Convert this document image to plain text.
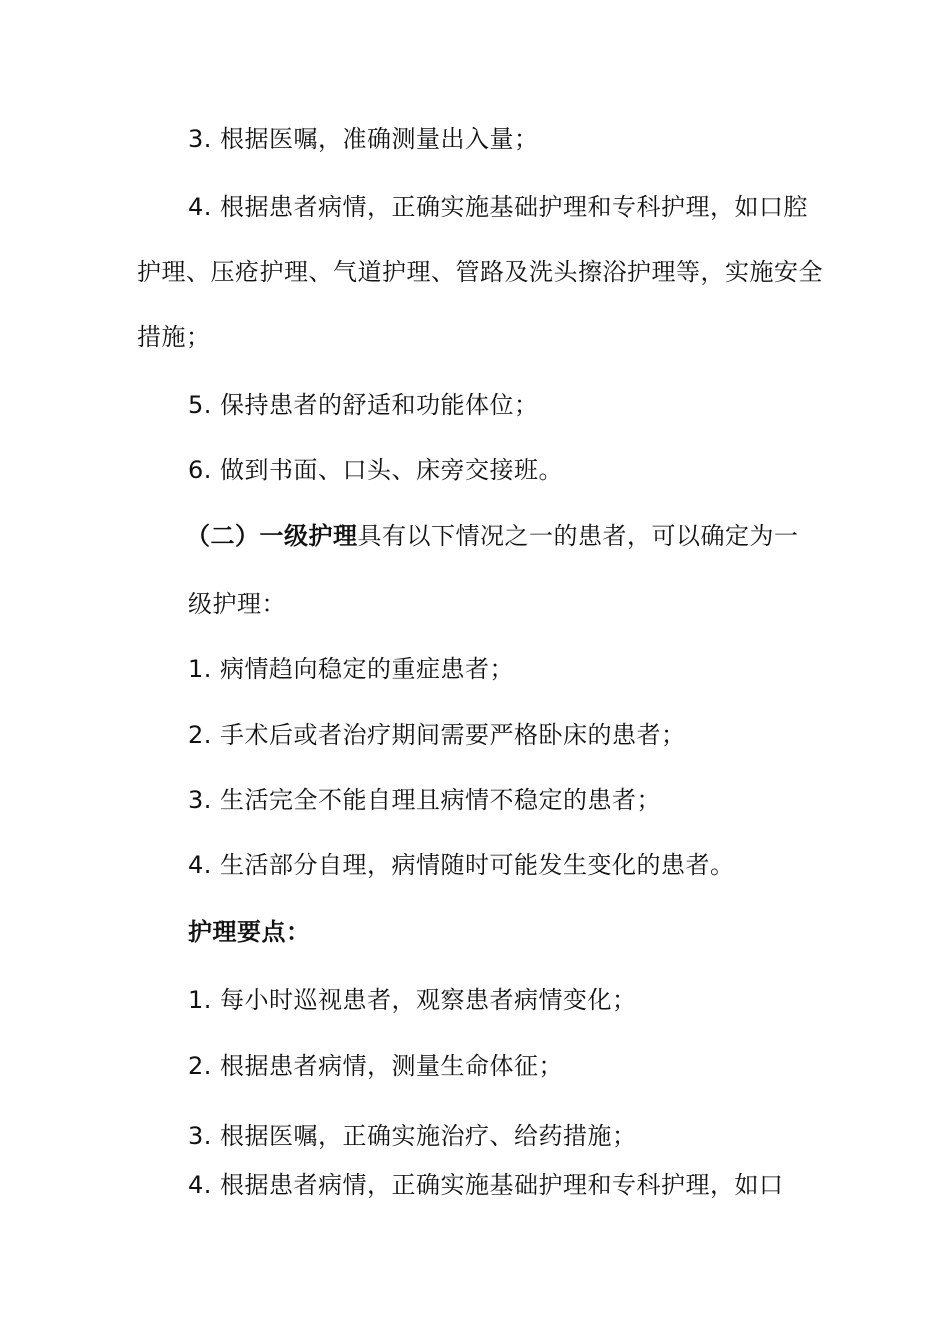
3. 根据医嘱，准确测量出入量；
4. 根据患者病情，正确实施基础护理和专科护理，如口腔
护理、压疮护理、气道护理、管路及洗头擦浴护理等，实施安全
措施；
5. 保持患者的舒适和功能体位；
6. 做到书面、口头、床旁交接班。
（二）一级护理具有以下情况之一的患者，可以确定为一
级护理：
1. 病情趋向稳定的重症患者；
2. 手术后或者治疗期间需要严格卧床的患者；
3. 生活完全不能自理且病情不稳定的患者；
4. 生活部分自理，病情随时可能发生变化的患者。
护理要点：
1. 每小时巡视患者，观察患者病情变化；
2. 根据患者病情，测量生命体征；
3. 根据医嘱，正确实施治疗、给药措施；
4. 根据患者病情，正确实施基础护理和专科护理，如口
